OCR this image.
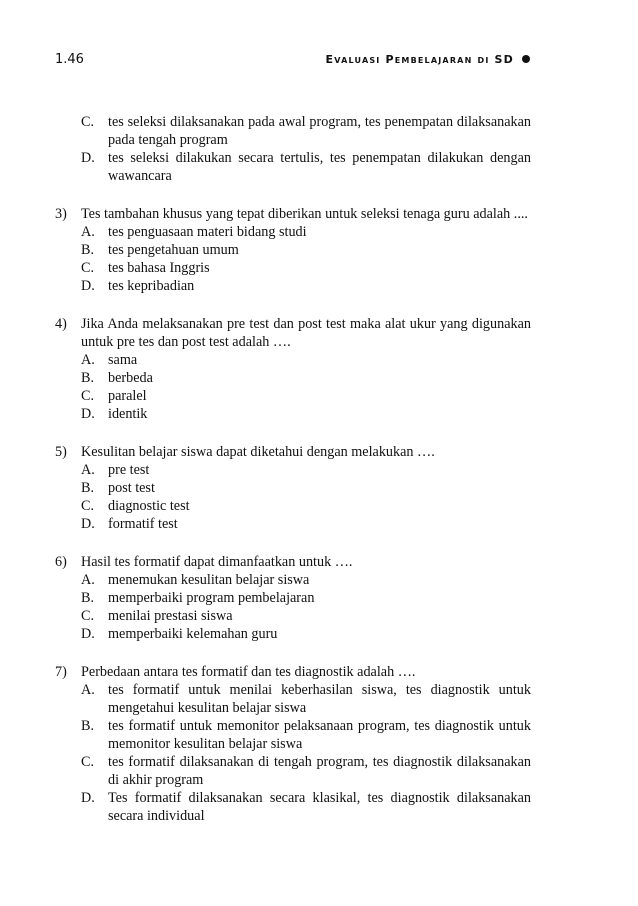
1.46	Evaluasi Pembelajaran di SD
C. tes seleksi dilaksanakan pada awal program, tes penempatan dilaksanakan pada tengah program
D. tes seleksi dilakukan secara tertulis, tes penempatan dilakukan dengan wawancara
3) Tes tambahan khusus yang tepat diberikan untuk seleksi tenaga guru adalah ....
A. tes penguasaan materi bidang studi
B. tes pengetahuan umum
C. tes bahasa Inggris
D. tes kepribadian
4) Jika Anda melaksanakan pre test dan post test maka alat ukur yang digunakan untuk pre tes dan post test adalah ….
A. sama
B. berbeda
C. paralel
D. identik
5) Kesulitan belajar siswa dapat diketahui dengan melakukan ….
A. pre test
B. post test
C. diagnostic test
D. formatif test
6) Hasil tes formatif dapat dimanfaatkan untuk ….
A. menemukan kesulitan belajar siswa
B. memperbaiki program pembelajaran
C. menilai prestasi siswa
D. memperbaiki kelemahan guru
7) Perbedaan antara tes formatif dan tes diagnostik adalah ….
A. tes formatif untuk menilai keberhasilan siswa, tes diagnostik untuk mengetahui kesulitan belajar siswa
B. tes formatif untuk memonitor pelaksanaan program, tes diagnostik untuk memonitor kesulitan belajar siswa
C. tes formatif dilaksanakan di tengah program, tes diagnostik dilaksanakan di akhir program
D. Tes formatif dilaksanakan secara klasikal, tes diagnostik dilaksanakan secara individual
